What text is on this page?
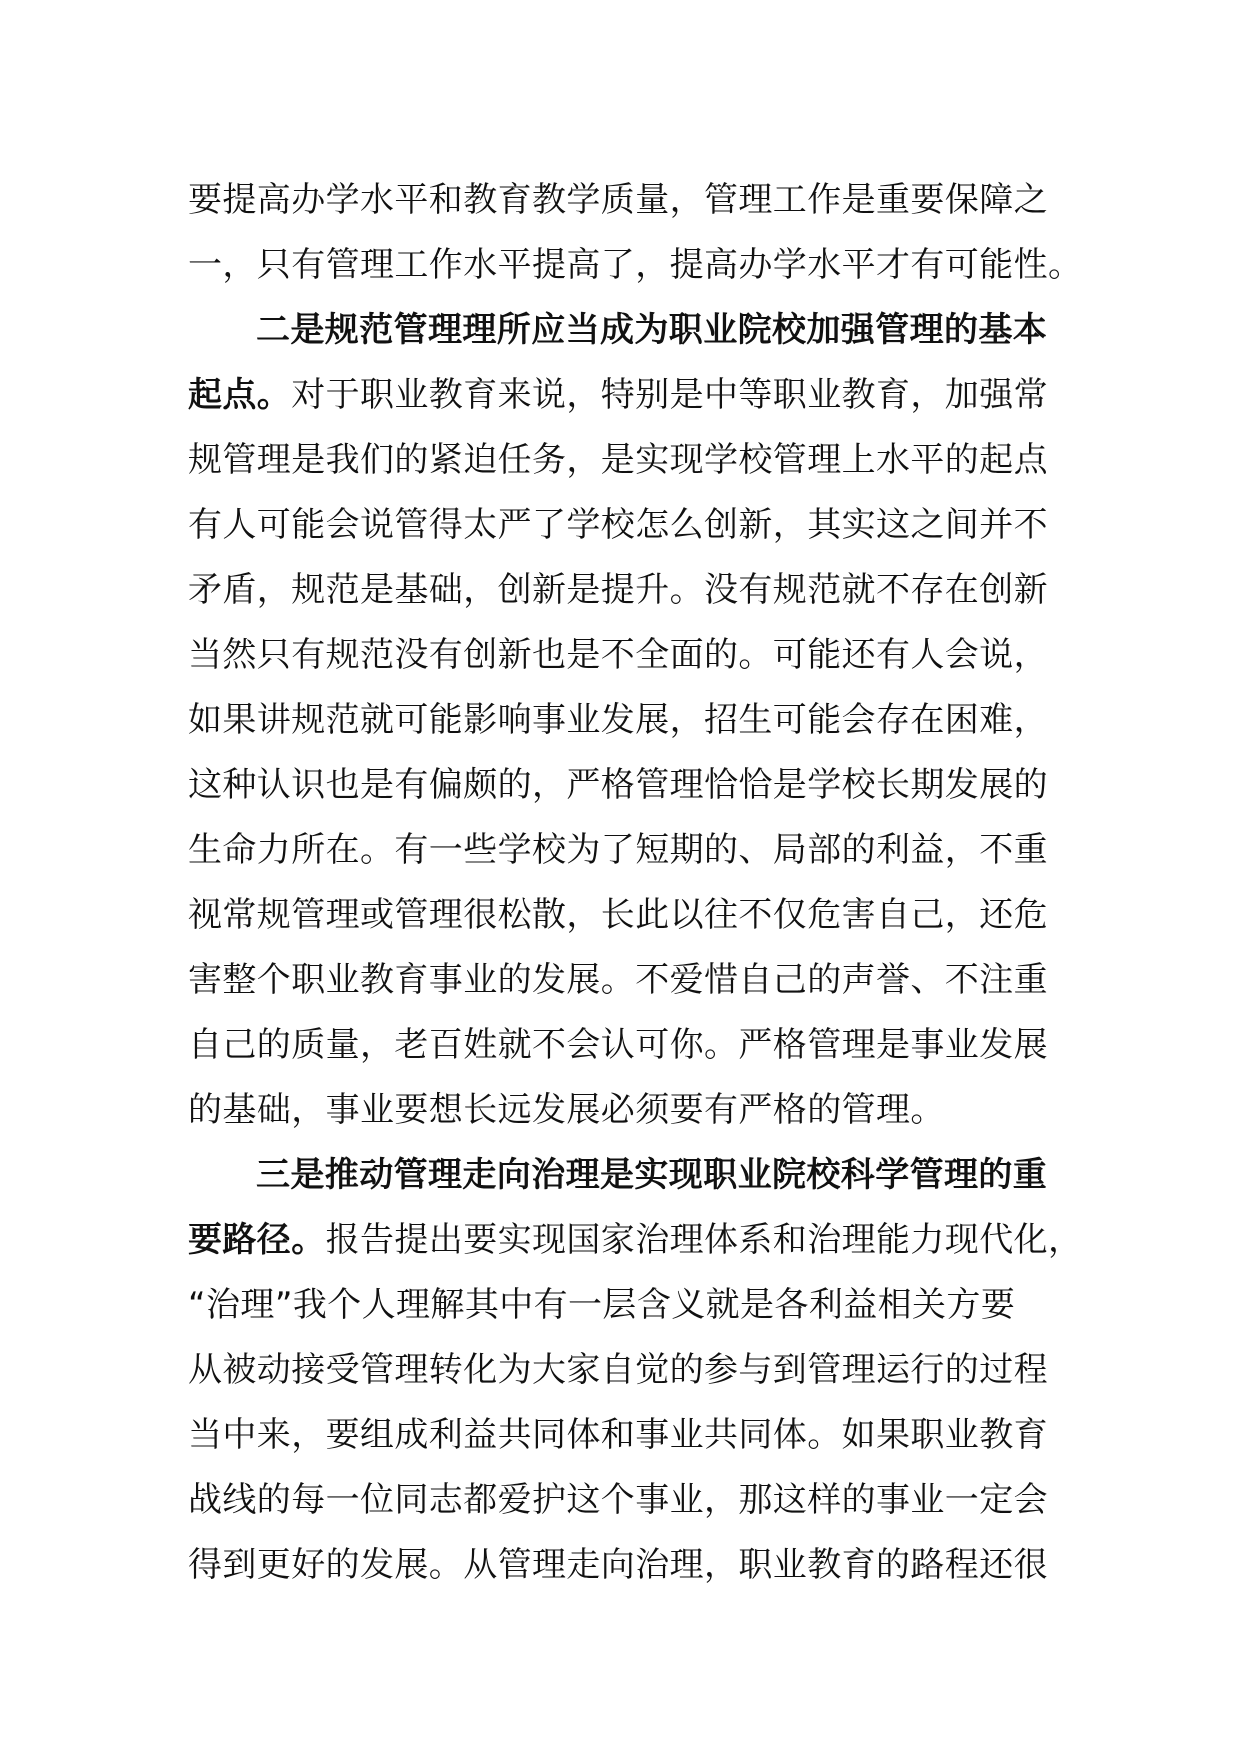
要提高办学水平和教育教学质量，管理工作是重要保障之
一，只有管理工作水平提高了，提高办学水平才有可能性。
二是规范管理理所应当成为职业院校加强管理的基本
起点。对于职业教育来说，特别是中等职业教育，加强常
规管理是我们的紧迫任务，是实现学校管理上水平的起点
有人可能会说管得太严了学校怎么创新，其实这之间并不
矛盾，规范是基础，创新是提升。没有规范就不存在创新
当然只有规范没有创新也是不全面的。可能还有人会说，
如果讲规范就可能影响事业发展，招生可能会存在困难，
这种认识也是有偏颇的，严格管理恰恰是学校长期发展的
生命力所在。有一些学校为了短期的、局部的利益，不重
视常规管理或管理很松散，长此以往不仅危害自己，还危
害整个职业教育事业的发展。不爱惜自己的声誉、不注重
自己的质量，老百姓就不会认可你。严格管理是事业发展
的基础，事业要想长远发展必须要有严格的管理。
三是推动管理走向治理是实现职业院校科学管理的重
要路径。报告提出要实现国家治理体系和治理能力现代化，
“治理”我个人理解其中有一层含义就是各利益相关方要
从被动接受管理转化为大家自觉的参与到管理运行的过程
当中来，要组成利益共同体和事业共同体。如果职业教育
战线的每一位同志都爱护这个事业，那这样的事业一定会
得到更好的发展。从管理走向治理，职业教育的路程还很
